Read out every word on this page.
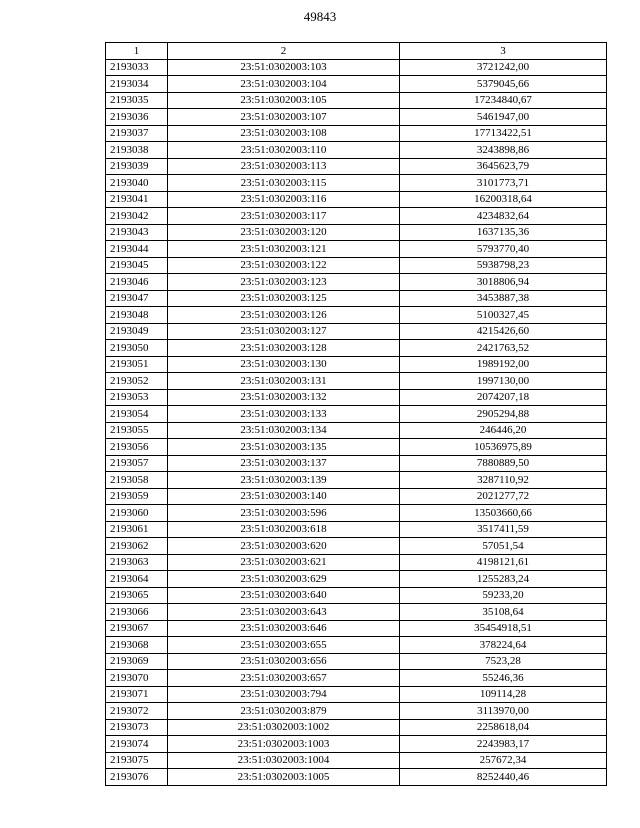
49843
1	2	3
2193033	23:51:0302003:103	3721242,00
2193034	23:51:0302003:104	5379045,66
2193035	23:51:0302003:105	17234840,67
2193036	23:51:0302003:107	5461947,00
2193037	23:51:0302003:108	17713422,51
2193038	23:51:0302003:110	3243898,86
2193039	23:51:0302003:113	3645623,79
2193040	23:51:0302003:115	3101773,71
2193041	23:51:0302003:116	16200318,64
2193042	23:51:0302003:117	4234832,64
2193043	23:51:0302003:120	1637135,36
2193044	23:51:0302003:121	5793770,40
2193045	23:51:0302003:122	5938798,23
2193046	23:51:0302003:123	3018806,94
2193047	23:51:0302003:125	3453887,38
2193048	23:51:0302003:126	5100327,45
2193049	23:51:0302003:127	4215426,60
2193050	23:51:0302003:128	2421763,52
2193051	23:51:0302003:130	1989192,00
2193052	23:51:0302003:131	1997130,00
2193053	23:51:0302003:132	2074207,18
2193054	23:51:0302003:133	2905294,88
2193055	23:51:0302003:134	246446,20
2193056	23:51:0302003:135	10536975,89
2193057	23:51:0302003:137	7880889,50
2193058	23:51:0302003:139	3287110,92
2193059	23:51:0302003:140	2021277,72
2193060	23:51:0302003:596	13503660,66
2193061	23:51:0302003:618	3517411,59
2193062	23:51:0302003:620	57051,54
2193063	23:51:0302003:621	4198121,61
2193064	23:51:0302003:629	1255283,24
2193065	23:51:0302003:640	59233,20
2193066	23:51:0302003:643	35108,64
2193067	23:51:0302003:646	35454918,51
2193068	23:51:0302003:655	378224,64
2193069	23:51:0302003:656	7523,28
2193070	23:51:0302003:657	55246,36
2193071	23:51:0302003:794	109114,28
2193072	23:51:0302003:879	3113970,00
2193073	23:51:0302003:1002	2258618,04
2193074	23:51:0302003:1003	2243983,17
2193075	23:51:0302003:1004	257672,34
2193076	23:51:0302003:1005	8252440,46
